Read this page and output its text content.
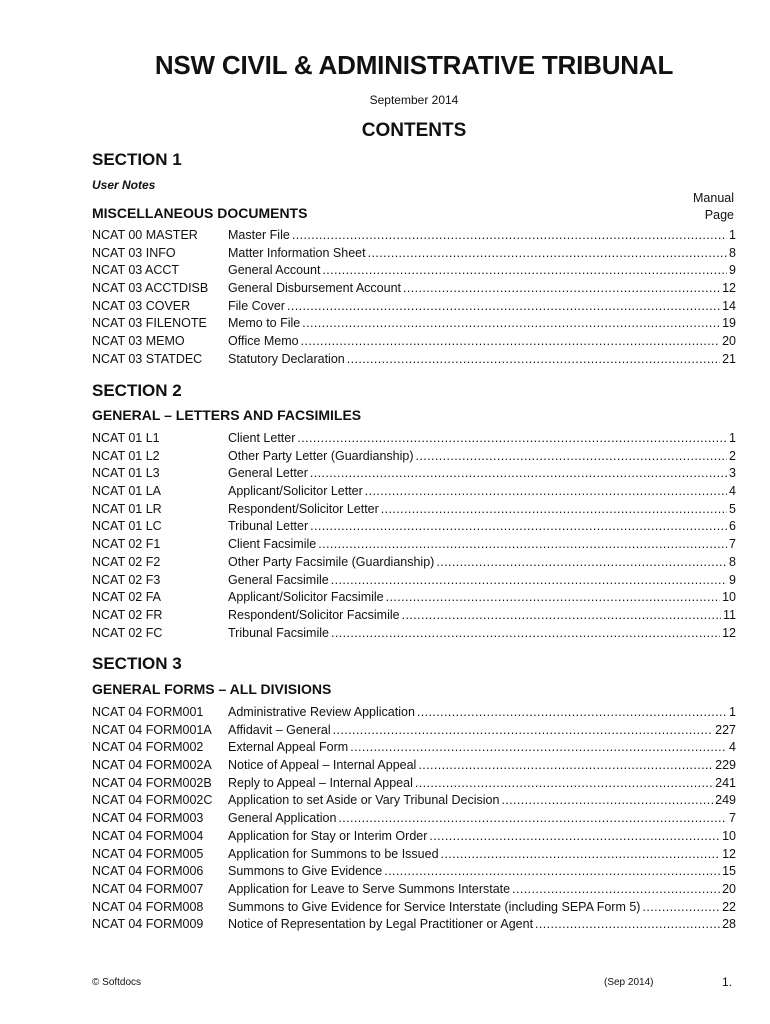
NSW CIVIL & ADMINISTRATIVE TRIBUNAL
September 2014
CONTENTS
SECTION 1
User Notes
Manual
Page
MISCELLANEOUS DOCUMENTS
NCAT 00 MASTER	Master File .....	1
NCAT 03 INFO	Matter Information Sheet .....	8
NCAT 03 ACCT	General Account .....	9
NCAT 03 ACCTDISB	General Disbursement Account .....	12
NCAT 03 COVER	File Cover .....	14
NCAT 03 FILENOTE	Memo to File .....	19
NCAT 03 MEMO	Office Memo .....	20
NCAT 03 STATDEC	Statutory Declaration .....	21
SECTION 2
GENERAL – LETTERS AND FACSIMILES
NCAT 01 L1	Client Letter .....	1
NCAT 01 L2	Other Party Letter (Guardianship) .....	2
NCAT 01 L3	General Letter .....	3
NCAT 01 LA	Applicant/Solicitor Letter .....	4
NCAT 01 LR	Respondent/Solicitor Letter .....	5
NCAT 01 LC	Tribunal Letter .....	6
NCAT 02 F1	Client Facsimile .....	7
NCAT 02 F2	Other Party Facsimile (Guardianship) .....	8
NCAT 02 F3	General Facsimile .....	9
NCAT 02 FA	Applicant/Solicitor Facsimile .....	10
NCAT 02 FR	Respondent/Solicitor Facsimile .....	11
NCAT 02 FC	Tribunal Facsimile .....	12
SECTION 3
GENERAL FORMS – ALL DIVISIONS
NCAT 04 FORM001	Administrative Review Application .....	1
NCAT 04 FORM001A	Affidavit – General .....	227
NCAT 04 FORM002	External Appeal Form .....	4
NCAT 04 FORM002A	Notice of Appeal – Internal Appeal .....	229
NCAT 04 FORM002B	Reply to Appeal – Internal Appeal .....	241
NCAT 04 FORM002C	Application to set Aside or Vary Tribunal Decision .....	249
NCAT 04 FORM003	General Application .....	7
NCAT 04 FORM004	Application for Stay or Interim Order .....	10
NCAT 04 FORM005	Application for Summons to be Issued .....	12
NCAT 04 FORM006	Summons to Give Evidence .....	15
NCAT 04 FORM007	Application for Leave to Serve Summons Interstate .....	20
NCAT 04 FORM008	Summons to Give Evidence for Service Interstate (including SEPA Form 5) .....	22
NCAT 04 FORM009	Notice of Representation by Legal Practitioner or Agent .....	28
© Softdocs	(Sep 2014)	1.
